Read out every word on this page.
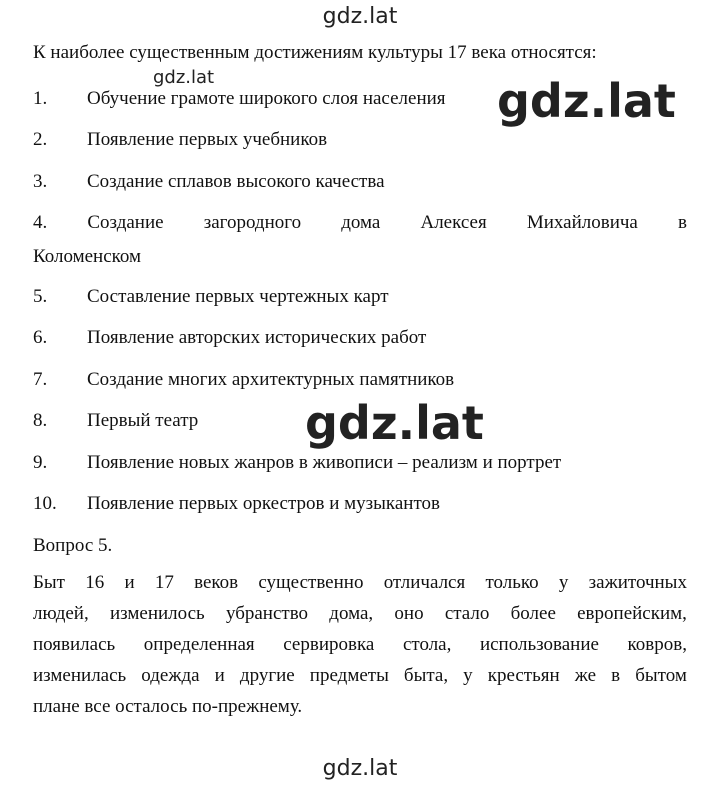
gdz.lat
К наиболее существенным достижениям культуры 17 века относятся:
gdz.lat
1. Обучение грамоте широкого слоя населения
2. Появление первых учебников
3. Создание сплавов высокого качества
4. Создание загородного дома Алексея Михайловича в
Коломенском
5. Составление первых чертежных карт
6. Появление авторских исторических работ
7. Создание многих архитектурных памятников
8. Первый театр
9. Появление новых жанров в живописи – реализм и портрет
10. Появление первых оркестров и музыкантов
Вопрос 5.
Быт 16 и 17 веков существенно отличался только у зажиточных
людей, изменилось убранство дома, оно стало более европейским,
появилась определенная сервировка стола, использование ковров,
изменилась одежда и другие предметы быта, у крестьян же в бытом
плане все осталось по-прежнему.
gdz.lat
gdz.lat
gdz.lat
